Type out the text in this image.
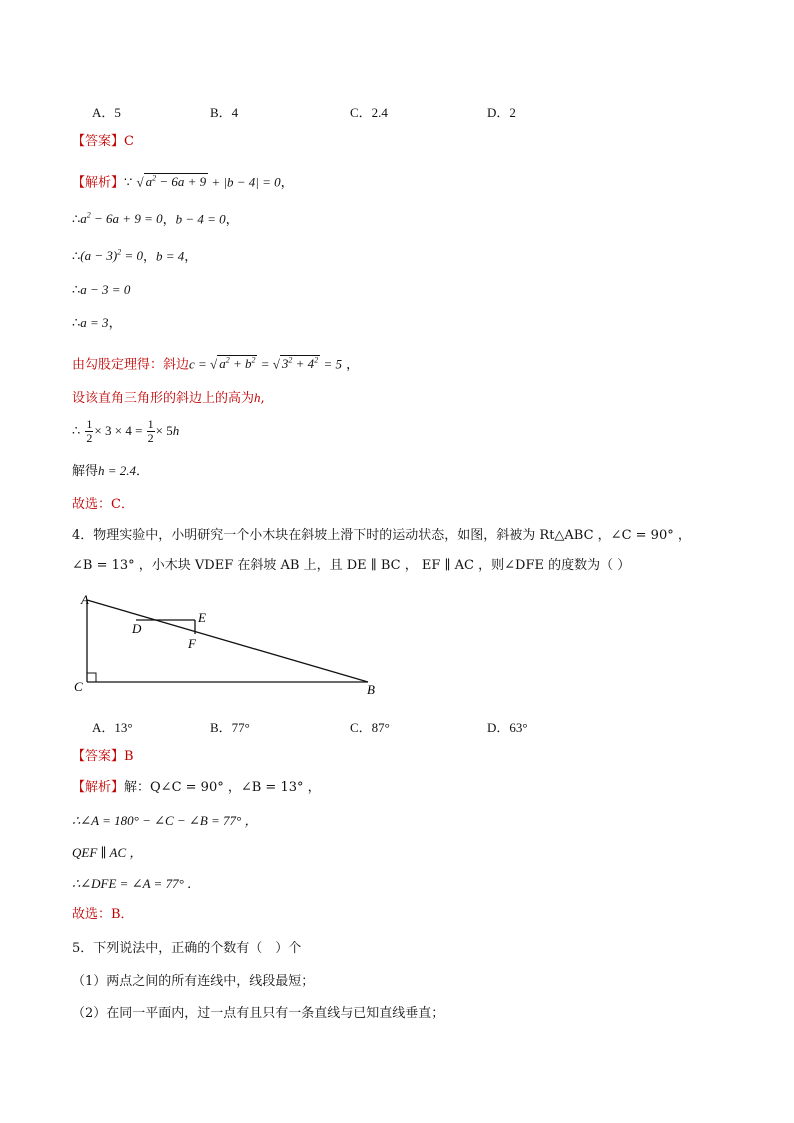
A．5	B．4	C．2.4	D．2
【答案】C
【解析】∵ √ $a^2 - 6a + 9 + |b - 4| = 0$，
$\therefore a^2 - 6a + 9 = 0$，b − 4 = 0，
∴(a − 3)$^2$ = 0，b = 4，
∴a − 3 = 0
∴a = 3，
由勾股定理得：斜边c = √ $a^2 + b^2$ = √ $3^2 + 4^2 = 5$ ，
设该直角三角形的斜边上的高为h,
∴ $\frac{1}{2} \times 3 \times 4 = \frac{1}{2} \times 5h$
解得h = 2.4．
故选：C．
4．物理实验中，小明研究一个小木块在斜坡上滑下时的运动状态，如图，斜被为 Rt△ABC ，∠C = 90° ，
∠B = 13° ，小木块 VDEF 在斜坡 AB 上，且 DE ∥ BC ， EF ∥ AC ，则∠DFE 的度数为（ ）
A
C	B
D
E
F
A．13°	B．77°	C．87°	D．63°
【答案】B
【解析】解：Q∠C = 90° ，∠B = 13° ，
∴∠A = 180° − ∠C − ∠B = 77° ，
QEF ∥ AC ，
∴∠DFE = ∠A = 77° ．
故选：B．
5．下列说法中，正确的个数有（　）个
（1）两点之间的所有连线中，线段最短；
（2）在同一平面内，过一点有且只有一条直线与已知直线垂直；
